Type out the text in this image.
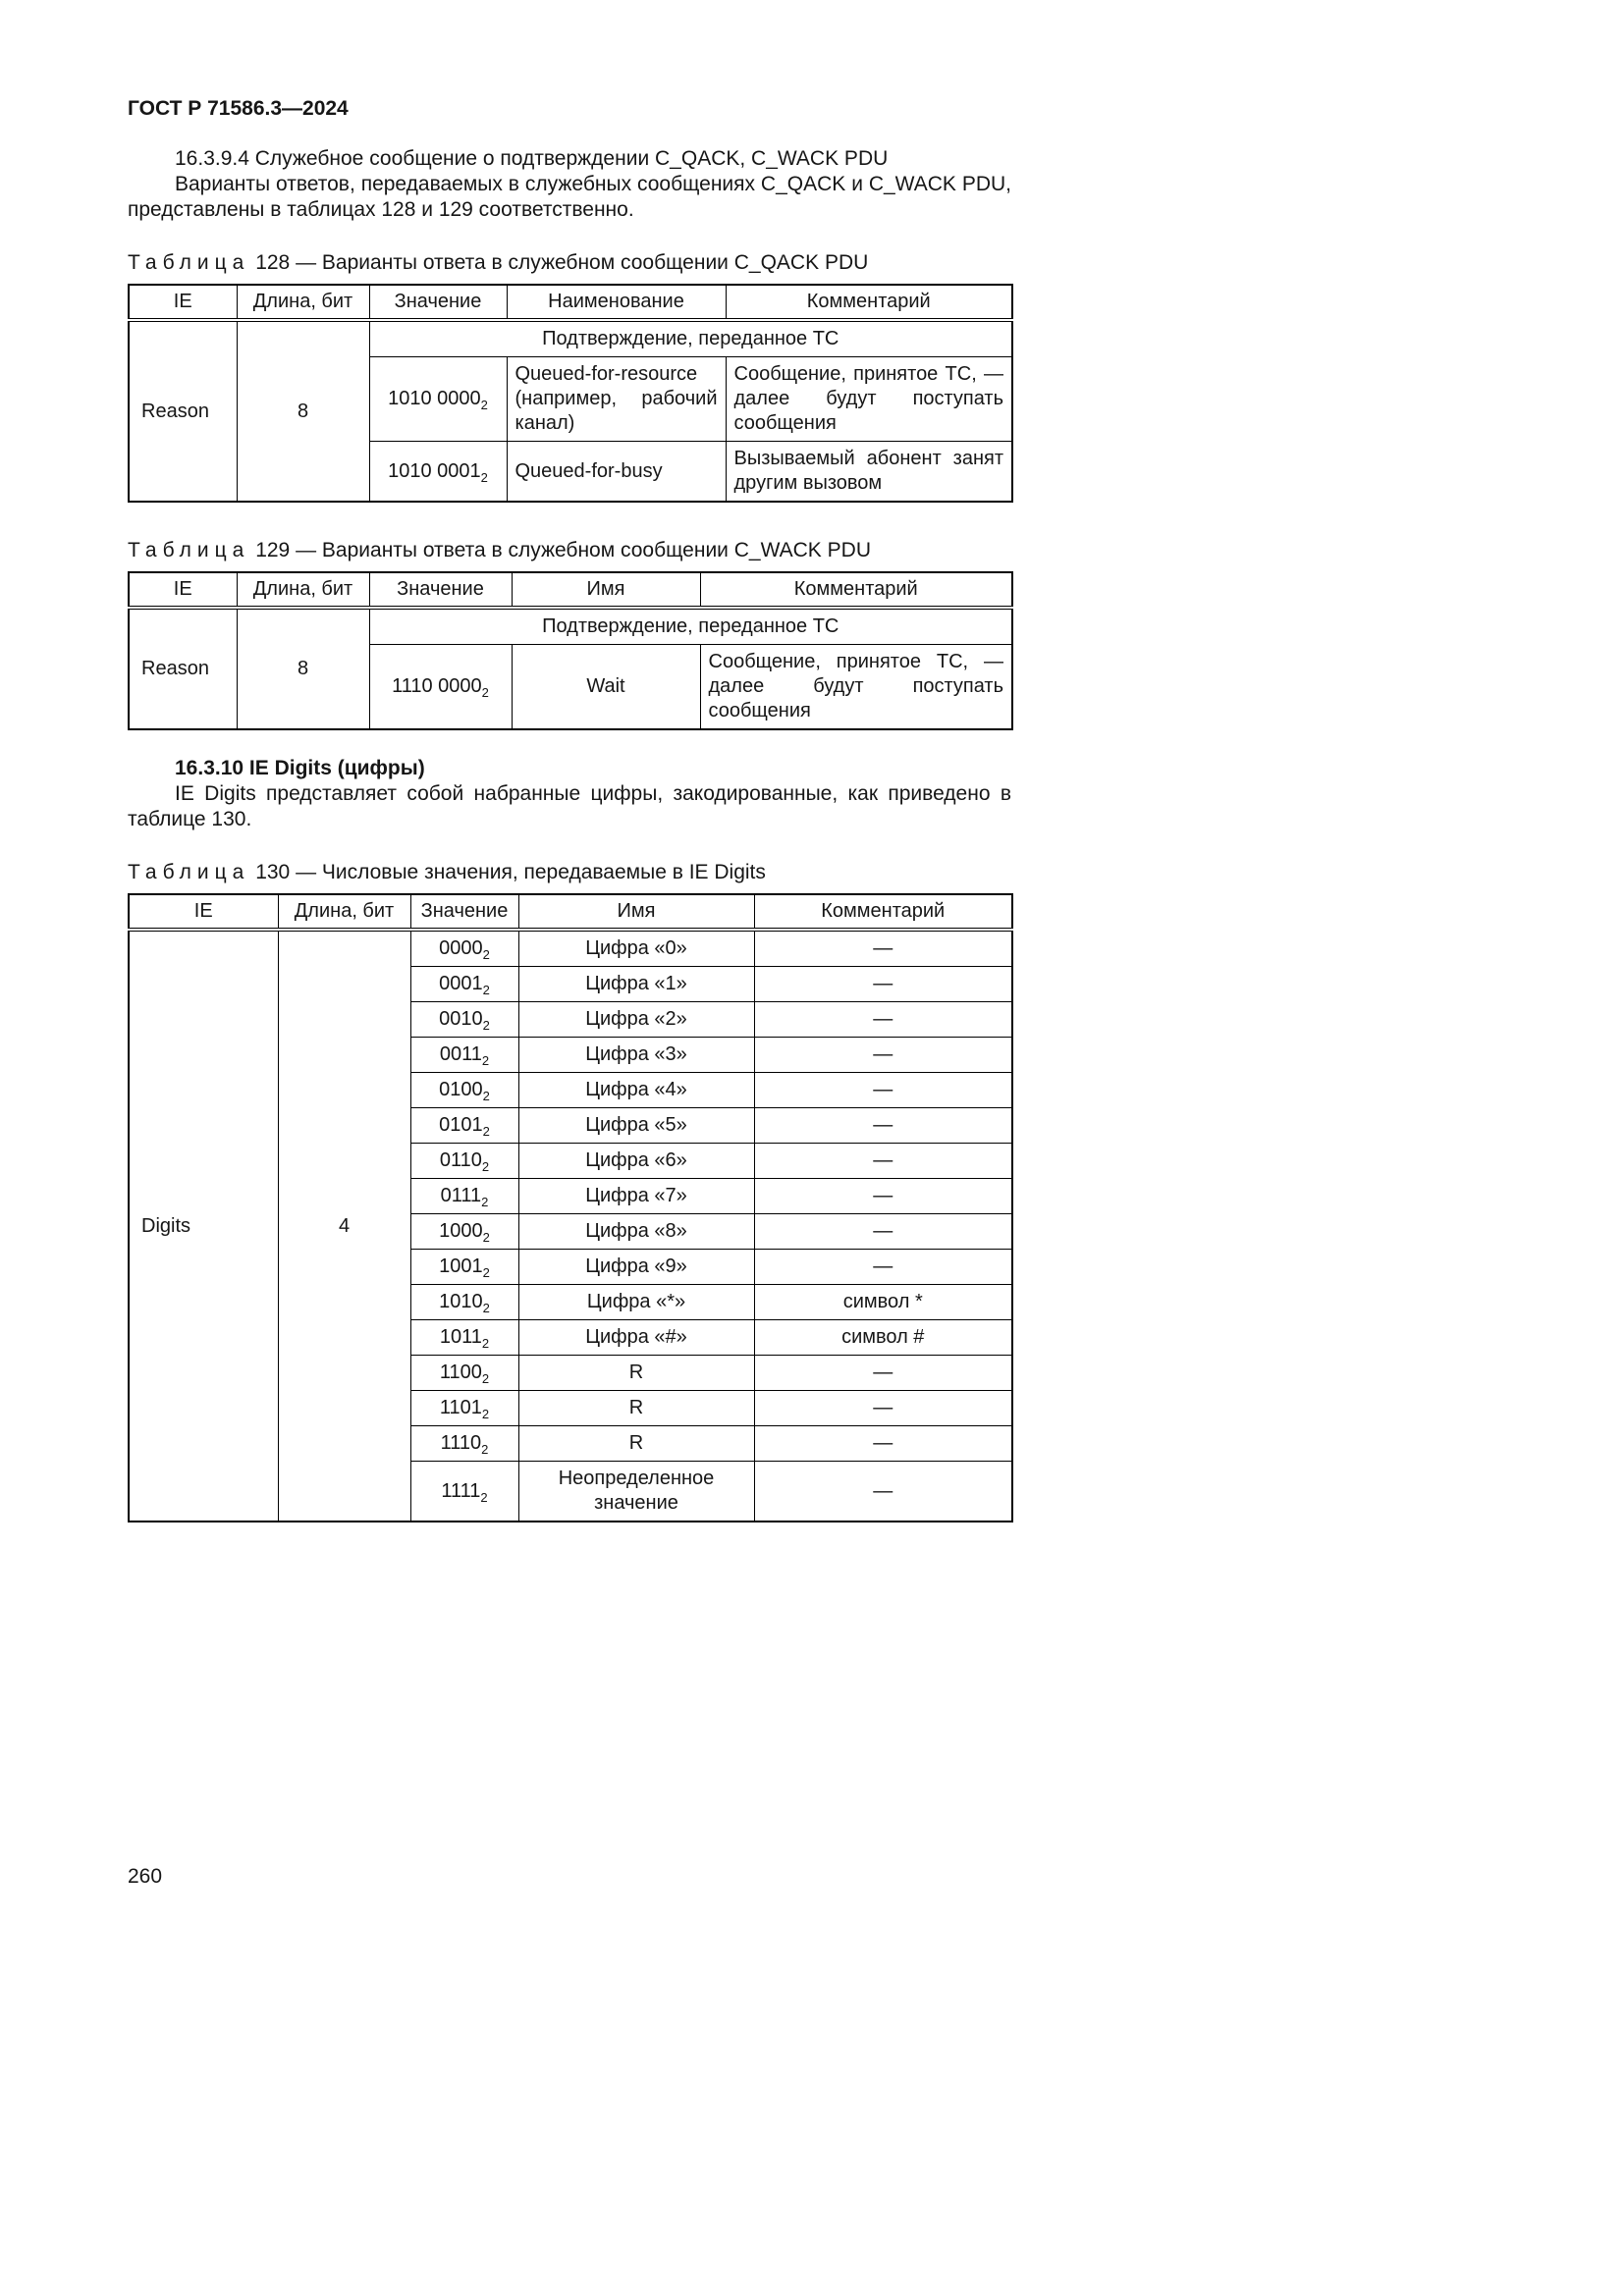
ГОСТ Р 71586.3—2024

16.3.9.4 Служебное сообщение о подтверждении C_QACK, C_WACK PDU

Варианты ответов, передаваемых в служебных сообщениях C_QACK и C_WACK PDU, представлены в таблицах 128 и 129 соответственно.

Таблица 128 — Варианты ответа в служебном сообщении C_QACK PDU

IE	Длина, бит	Значение	Наименование	Комментарий
Reason	8	Подтверждение, переданное ТС		
		1010 $0000_2$	Queued-for-resource (например, рабочий канал)	Сообщение, принятое ТС, — далее будут поступать сообщения
		1010 $0001_2$	Queued-for-busy	Вызываемый абонент занят другим вызовом

Таблица 129 — Варианты ответа в служебном сообщении C_WACK PDU

IE	Длина, бит	Значение	Имя	Комментарий
Reason	8	Подтверждение, переданное ТС		
		1110 $0000_2$	Wait	Сообщение, принятое ТС, — далее будут поступать сообщения

16.3.10 IE Digits (цифры)

IE Digits представляет собой набранные цифры, закодированные, как приведено в таблице 130.

Таблица 130 — Числовые значения, передаваемые в IE Digits

IE	Длина, бит	Значение	Имя	Комментарий
Digits	4	$0000_2$	Цифра «0»	—
		$0001_2$	Цифра «1»	—
		$0010_2$	Цифра «2»	—
		$0011_2$	Цифра «3»	—
		$0100_2$	Цифра «4»	—
		$0101_2$	Цифра «5»	—
		$0110_2$	Цифра «6»	—
		$0111_2$	Цифра «7»	—
		$1000_2$	Цифра «8»	—
		$1001_2$	Цифра «9»	—
		$1010_2$	Цифра «*»	символ *
		$1011_2$	Цифра «#»	символ #
		$1100_2$	R	—
		$1101_2$	R	—
		$1110_2$	R	—
		$1111_2$	Неопределенное значение	—
260
